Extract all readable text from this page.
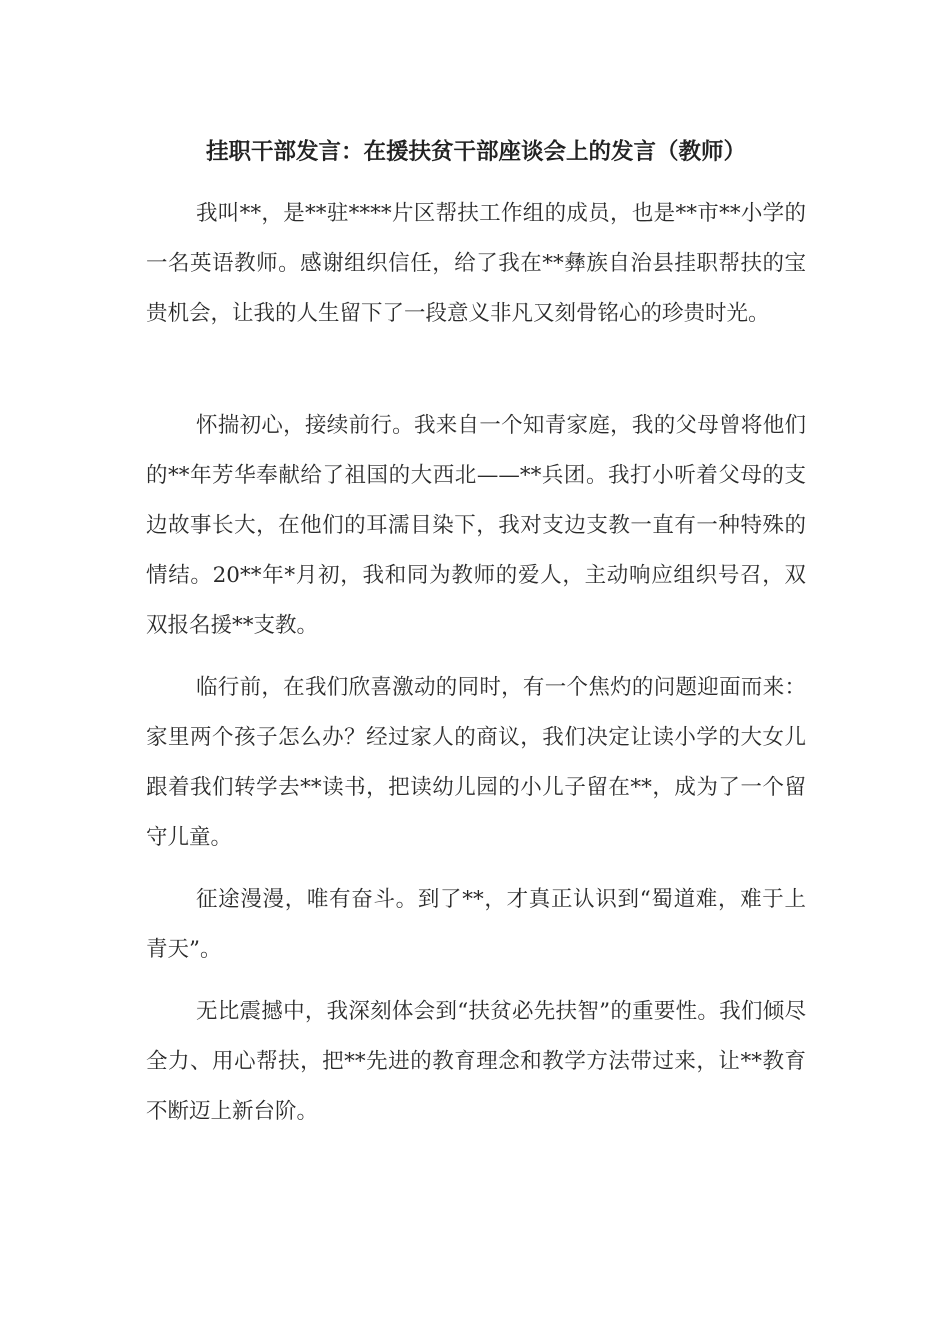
挂职干部发言：在援扶贫干部座谈会上的发言（教师）

我叫**，是**驻****片区帮扶工作组的成员，也是**市**小学的一名英语教师。感谢组织信任，给了我在**彝族自治县挂职帮扶的宝贵机会，让我的人生留下了一段意义非凡又刻骨铭心的珍贵时光。

怀揣初心，接续前行。我来自一个知青家庭，我的父母曾将他们的**年芳华奉献给了祖国的大西北——**兵团。我打小听着父母的支边故事长大，在他们的耳濡目染下，我对支边支教一直有一种特殊的情结。20**年*月初，我和同为教师的爱人，主动响应组织号召，双双报名援**支教。

临行前，在我们欣喜激动的同时，有一个焦灼的问题迎面而来：家里两个孩子怎么办？经过家人的商议，我们决定让读小学的大女儿跟着我们转学去**读书，把读幼儿园的小儿子留在**，成为了一个留守儿童。

征途漫漫，唯有奋斗。到了**，才真正认识到“蜀道难，难于上青天”。

无比震撼中，我深刻体会到“扶贫必先扶智”的重要性。我们倾尽全力、用心帮扶，把**先进的教育理念和教学方法带过来，让**教育不断迈上新台阶。
